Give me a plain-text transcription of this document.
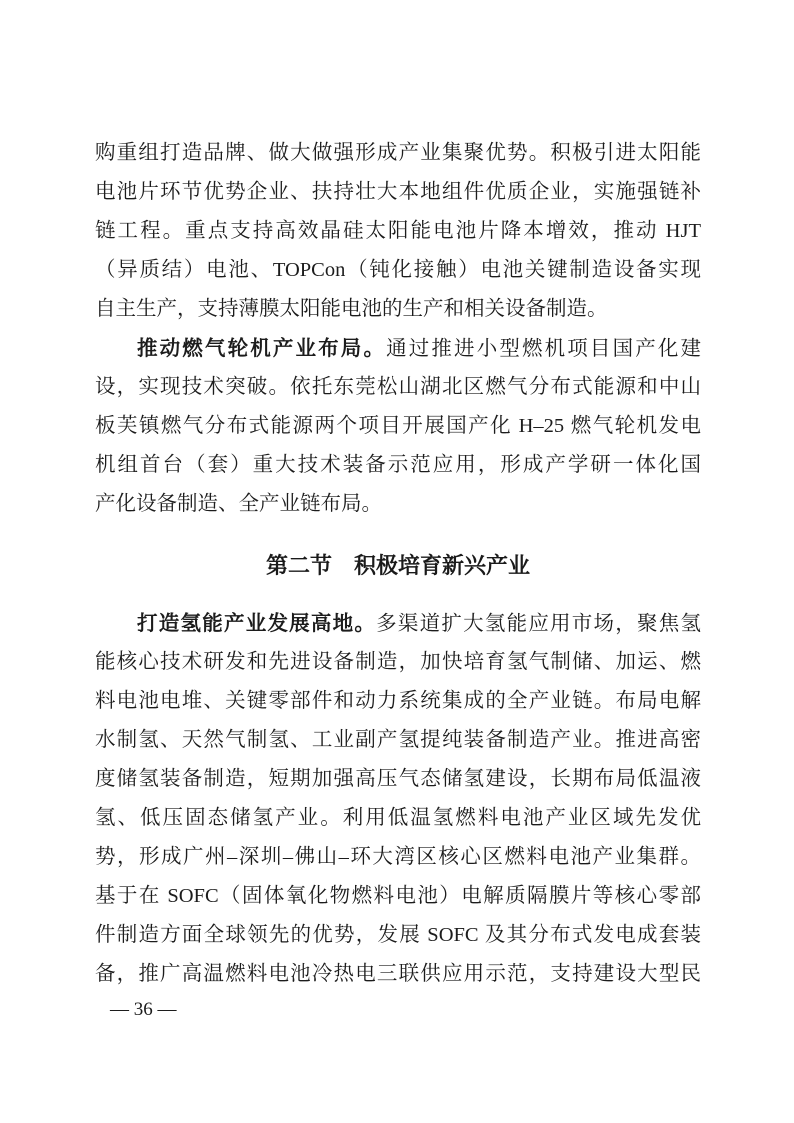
购重组打造品牌、做大做强形成产业集聚优势。积极引进太阳能
电池片环节优势企业、扶持壮大本地组件优质企业，实施强链补
链工程。重点支持高效晶硅太阳能电池片降本增效，推动 HJT
（异质结）电池、TOPCon（钝化接触）电池关键制造设备实现
自主生产，支持薄膜太阳能电池的生产和相关设备制造。
推动燃气轮机产业布局。通过推进小型燃机项目国产化建
设，实现技术突破。依托东莞松山湖北区燃气分布式能源和中山
板芙镇燃气分布式能源两个项目开展国产化 H–25 燃气轮机发电
机组首台（套）重大技术装备示范应用，形成产学研一体化国
产化设备制造、全产业链布局。
第二节　积极培育新兴产业
打造氢能产业发展高地。多渠道扩大氢能应用市场，聚焦氢
能核心技术研发和先进设备制造，加快培育氢气制储、加运、燃
料电池电堆、关键零部件和动力系统集成的全产业链。布局电解
水制氢、天然气制氢、工业副产氢提纯装备制造产业。推进高密
度储氢装备制造，短期加强高压气态储氢建设，长期布局低温液
氢、低压固态储氢产业。利用低温氢燃料电池产业区域先发优
势，形成广州–深圳–佛山–环大湾区核心区燃料电池产业集群。
基于在 SOFC（固体氧化物燃料电池）电解质隔膜片等核心零部
件制造方面全球领先的优势，发展 SOFC 及其分布式发电成套装
备，推广高温燃料电池冷热电三联供应用示范，支持建设大型民
— 36 —
